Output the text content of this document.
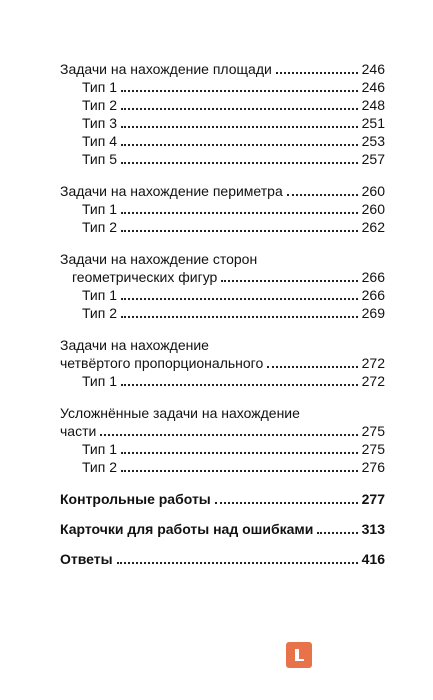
Задачи на нахождение площади	246
Тип 1	246
Тип 2	248
Тип 3	251
Тип 4	253
Тип 5	257
Задачи на нахождение периметра	260
Тип 1	260
Тип 2	262
Задачи на нахождение сторон
геометрических фигур	266
Тип 1	266
Тип 2	269
Задачи на нахождение
четвёртого пропорционального	272
Тип 1	272
Усложнённые задачи на нахождение
части	275
Тип 1	275
Тип 2	276
Контрольные работы	277
Карточки для работы над ошибками	313
Ответы	416
